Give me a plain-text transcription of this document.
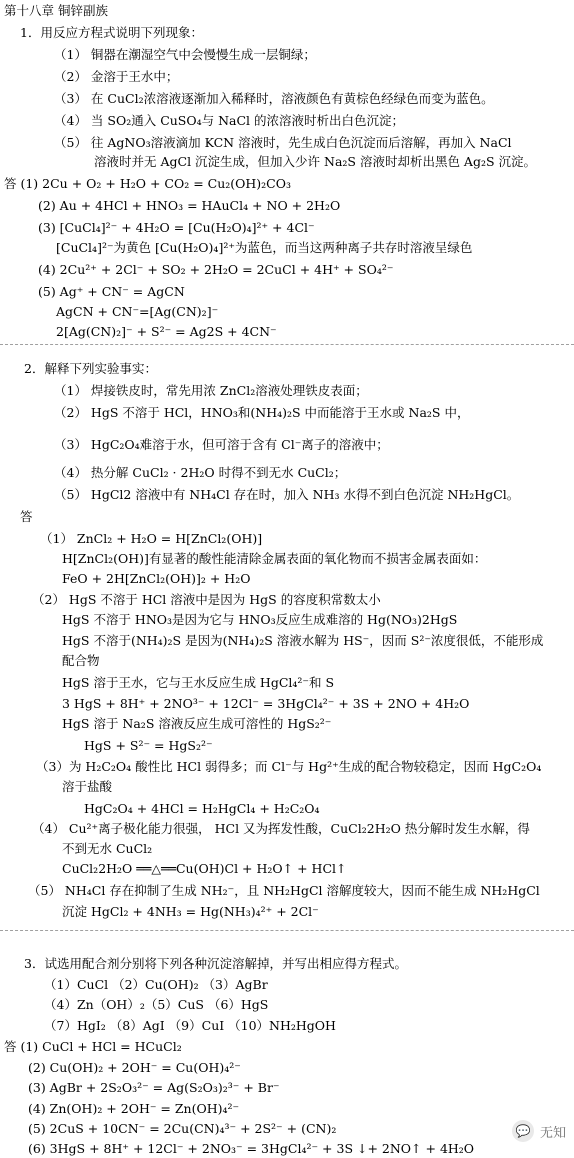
第十八章 铜锌副族
1．用反应方程式说明下列现象：
（1） 铜器在潮湿空气中会慢慢生成一层铜绿；
（2） 金溶于王水中；
（3） 在 CuCl₂浓溶液逐渐加入稀释时，溶液颜色有黄棕色经绿色而变为蓝色。
（4） 当 SO₂通入 CuSO₄与 NaCl 的浓溶液时析出白色沉淀；
（5） 往 AgNO₃溶液滴加 KCN 溶液时，先生成白色沉淀而后溶解，再加入 NaCl
溶液时并无 AgCl 沉淀生成，但加入少许 Na₂S 溶液时却析出黑色 Ag₂S 沉淀。
答 (1) 2Cu + O₂ + H₂O + CO₂ = Cu₂(OH)₂CO₃
(2) Au + 4HCl + HNO₃ = HAuCl₄ + NO + 2H₂O
(3) [CuCl₄]²⁻ + 4H₂O = [Cu(H₂O)₄]²⁺ + 4Cl⁻
[CuCl₄]²⁻为黄色 [Cu(H₂O)₄]²⁺为蓝色，而当这两种离子共存时溶液呈绿色
(4) 2Cu²⁺ + 2Cl⁻ + SO₂ + 2H₂O = 2CuCl + 4H⁺ + SO₄²⁻
(5) Ag⁺ + CN⁻ = AgCN
AgCN + CN⁻=[Ag(CN)₂]⁻
2[Ag(CN)₂]⁻ + S²⁻ = Ag2S + 4CN⁻
2．解释下列实验事实：
（1） 焊接铁皮时，常先用浓 ZnCl₂溶液处理铁皮表面；
（2） HgS 不溶于 HCl，HNO₃和(NH₄)₂S 中而能溶于王水或 Na₂S 中，
（3） HgC₂O₄难溶于水，但可溶于含有 Cl⁻离子的溶液中；
（4） 热分解 CuCl₂ · 2H₂O 时得不到无水 CuCl₂；
（5） HgCl2 溶液中有 NH₄Cl 存在时，加入 NH₃ 水得不到白色沉淀 NH₂HgCl。
答
（1） ZnCl₂ + H₂O = H[ZnCl₂(OH)]
H[ZnCl₂(OH)]有显著的酸性能清除金属表面的氧化物而不损害金属表面如：
FeO + 2H[ZnCl₂(OH)]₂ + H₂O
（2） HgS 不溶于 HCl 溶液中是因为 HgS 的容度积常数太小
HgS 不溶于 HNO₃是因为它与 HNO₃反应生成难溶的 Hg(NO₃)2HgS
HgS 不溶于(NH₄)₂S 是因为(NH₄)₂S 溶液水解为 HS⁻，因而 S²⁻浓度很低，不能形成
配合物
HgS 溶于王水，它与王水反应生成 HgCl₄²⁻和 S
3 HgS + 8H⁺ + 2NO³⁻ + 12Cl⁻ = 3HgCl₄²⁻ + 3S + 2NO + 4H₂O
HgS 溶于 Na₂S 溶液反应生成可溶性的 HgS₂²⁻
HgS + S²⁻ = HgS₂²⁻
（3）为 H₂C₂O₄ 酸性比 HCl 弱得多；而 Cl⁻与 Hg²⁺生成的配合物较稳定，因而 HgC₂O₄
溶于盐酸
HgC₂O₄ + 4HCl = H₂HgCl₄ + H₂C₂O₄
（4） Cu²⁺离子极化能力很强， HCl 又为挥发性酸，CuCl₂2H₂O 热分解时发生水解，得
不到无水 CuCl₂
CuCl₂2H₂O ══△══Cu(OH)Cl + H₂O↑ + HCl↑
（5） NH₄Cl 存在抑制了生成 NH₂⁻，且 NH₂HgCl 溶解度较大，因而不能生成 NH₂HgCl
沉淀 HgCl₂ + 4NH₃ = Hg(NH₃)₄²⁺ + 2Cl⁻
3．试选用配合剂分别将下列各种沉淀溶解掉，并写出相应得方程式。
（1）CuCl （2）Cu(OH)₂ （3）AgBr
（4）Zn（OH）₂（5）CuS （6）HgS
（7）HgI₂ （8）AgI （9）CuI （10）NH₂HgOH
答 (1) CuCl + HCl = HCuCl₂
(2) Cu(OH)₂ + 2OH⁻ = Cu(OH)₄²⁻
(3) AgBr + 2S₂O₃²⁻ = Ag(S₂O₃)₂³⁻ + Br⁻
(4) Zn(OH)₂ + 2OH⁻ = Zn(OH)₄²⁻
(5) 2CuS + 10CN⁻ = 2Cu(CN)₄³⁻ + 2S²⁻ + (CN)₂
(6) 3HgS + 8H⁺ + 12Cl⁻ + 2NO₃⁻ = 3HgCl₄²⁻ + 3S ↓+ 2NO↑ + 4H₂O
💬 无知
